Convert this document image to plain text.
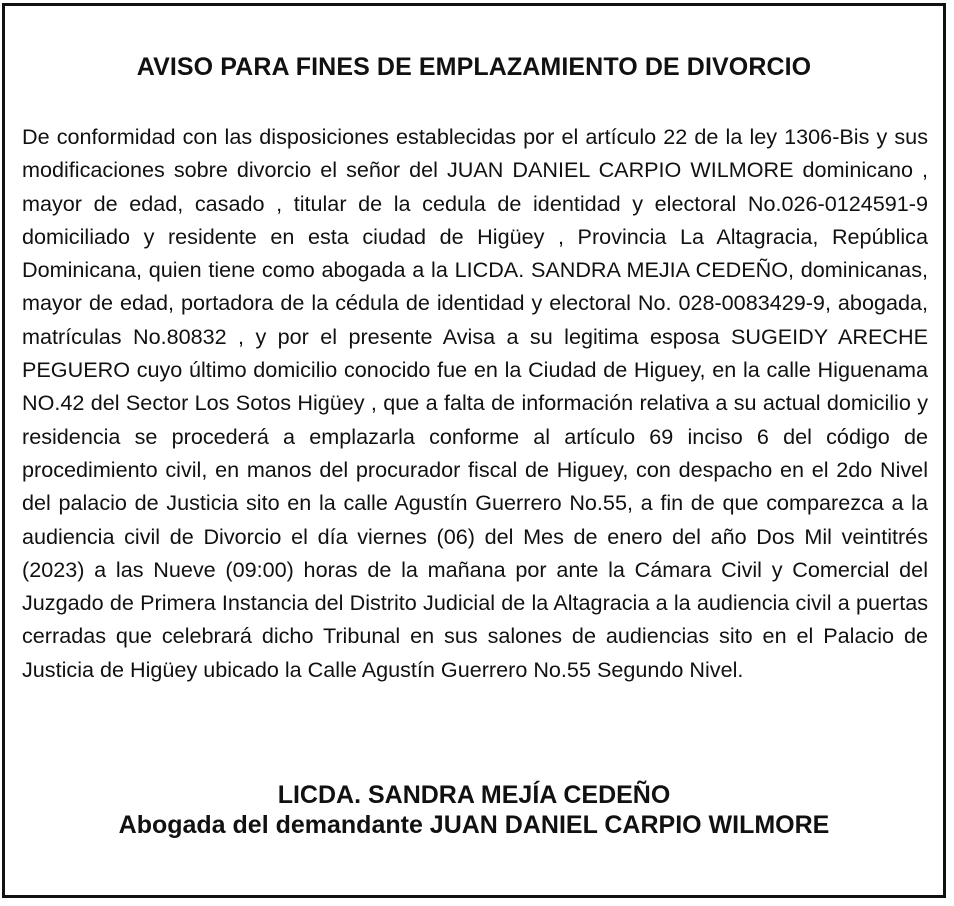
AVISO PARA FINES DE EMPLAZAMIENTO DE DIVORCIO

De conformidad con las disposiciones establecidas por el artículo 22 de la ley 1306-Bis y sus modificaciones sobre divorcio el señor del JUAN DANIEL CARPIO WILMORE dominicano , mayor de edad, casado , titular de la cedula de identidad y electoral No.026-0124591-9 domiciliado y residente en esta ciudad de Higüey , Provincia La Altagracia, República Dominicana, quien tiene como abogada a la LICDA. SANDRA MEJIA CEDEÑO, dominicanas, mayor de edad, portadora de la cédula de identidad y electoral No. 028-0083429-9, abogada, matrículas No.80832 , y por el presente Avisa a su legitima esposa SUGEIDY ARECHE PEGUERO cuyo último domicilio conocido fue en la Ciudad de Higuey, en la calle Higuenama NO.42 del Sector Los Sotos Higüey , que a falta de información relativa a su actual domicilio y residencia se procederá a emplazarla conforme al artículo 69 inciso 6 del código de procedimiento civil, en manos del procurador fiscal de Higuey, con despacho en el 2do Nivel del palacio de Justicia sito en la calle Agustín Guerrero No.55, a fin de que comparezca a la audiencia civil de Divorcio el día viernes (06) del Mes de enero del año Dos Mil veintitrés (2023) a las Nueve (09:00) horas de la mañana por ante la Cámara Civil y Comercial del Juzgado de Primera Instancia del Distrito Judicial de la Altagracia a la audiencia civil a puertas cerradas que celebrará dicho Tribunal en sus salones de audiencias sito en el Palacio de Justicia de Higüey ubicado la Calle Agustín Guerrero No.55 Segundo Nivel.

LICDA. SANDRA MEJÍA CEDEÑO
Abogada del demandante JUAN DANIEL CARPIO WILMORE
